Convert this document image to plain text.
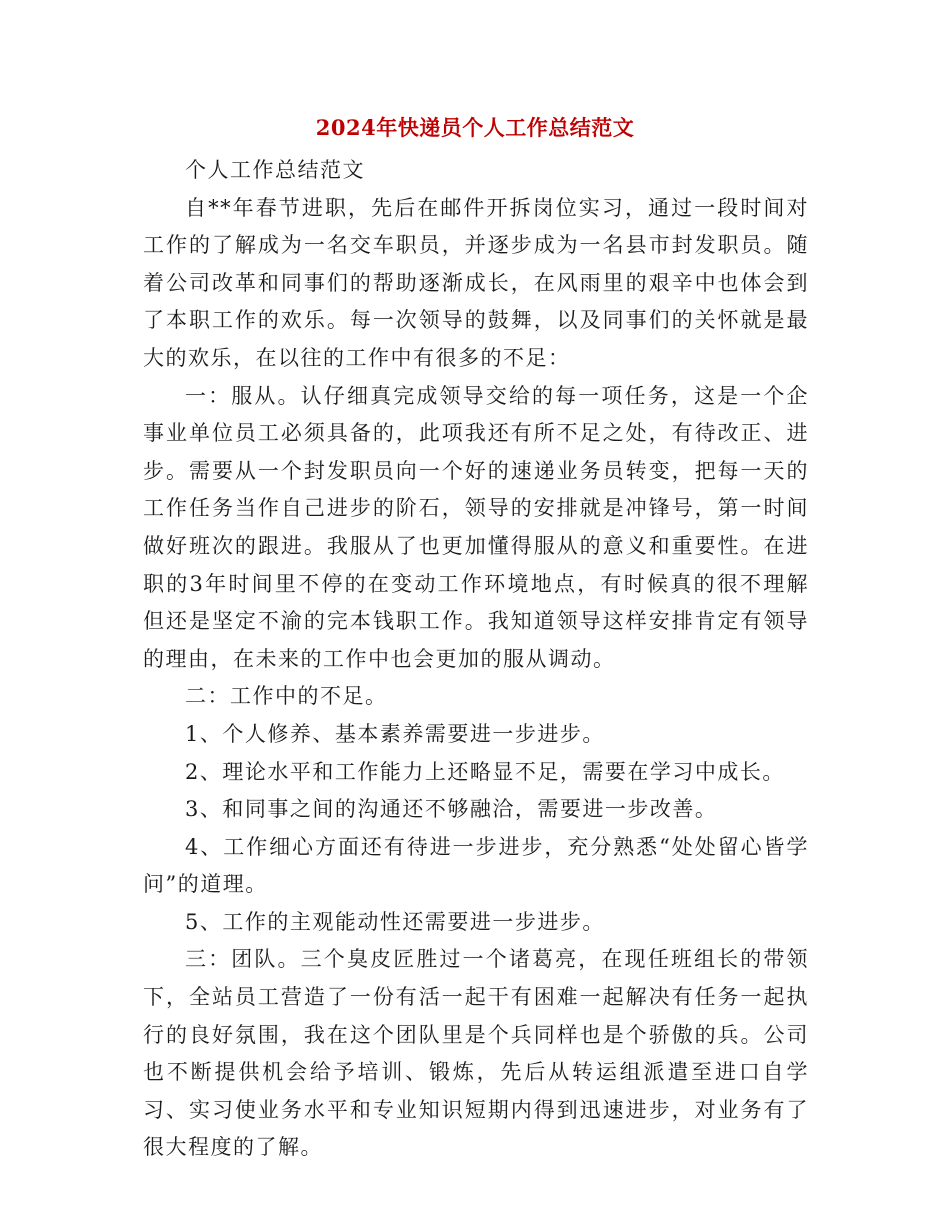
2024年快递员个人工作总结范文

个人工作总结范文

自**年春节进职，先后在邮件开拆岗位实习，通过一段时间对工作的了解成为一名交车职员，并逐步成为一名县市封发职员。随着公司改革和同事们的帮助逐渐成长，在风雨里的艰辛中也体会到了本职工作的欢乐。每一次领导的鼓舞，以及同事们的关怀就是最大的欢乐，在以往的工作中有很多的不足：

一：服从。认仔细真完成领导交给的每一项任务，这是一个企事业单位员工必须具备的，此项我还有所不足之处，有待改正、进步。需要从一个封发职员向一个好的速递业务员转变，把每一天的工作任务当作自己进步的阶石，领导的安排就是冲锋号，第一时间做好班次的跟进。我服从了也更加懂得服从的意义和重要性。在进职的3年时间里不停的在变动工作环境地点，有时候真的很不理解但还是坚定不渝的完本钱职工作。我知道领导这样安排肯定有领导的理由，在未来的工作中也会更加的服从调动。

二：工作中的不足。

1、个人修养、基本素养需要进一步进步。

2、理论水平和工作能力上还略显不足，需要在学习中成长。

3、和同事之间的沟通还不够融洽，需要进一步改善。

4、工作细心方面还有待进一步进步，充分熟悉“处处留心皆学问”的道理。

5、工作的主观能动性还需要进一步进步。

三：团队。三个臭皮匠胜过一个诸葛亮，在现任班组长的带领下，全站员工营造了一份有活一起干有困难一起解决有任务一起执行的良好氛围，我在这个团队里是个兵同样也是个骄傲的兵。公司也不断提供机会给予培训、锻炼，先后从转运组派遣至进口自学习、实习使业务水平和专业知识短期内得到迅速进步，对业务有了很大程度的了解。
